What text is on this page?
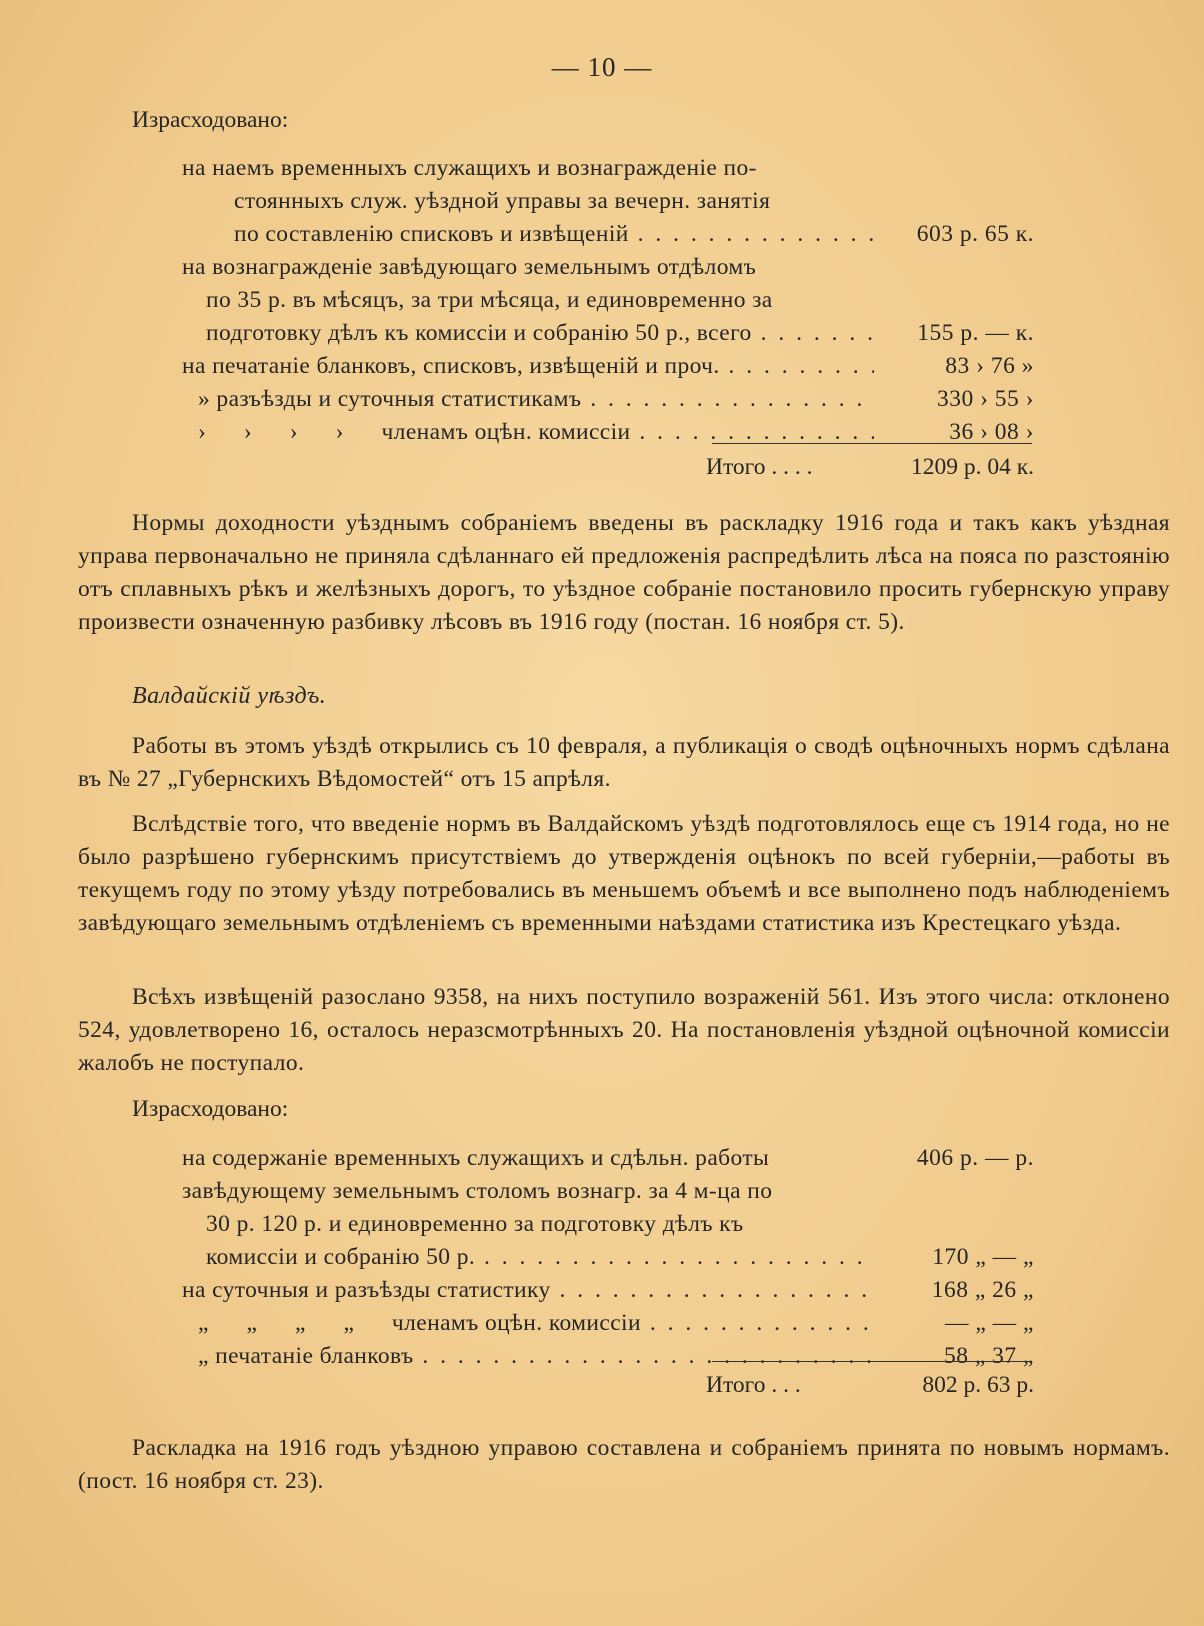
— 10 —
Израсходовано:
на наемъ временныхъ служащихъ и вознагражденіе по-
стоянныхъ служ. уѣздной управы за вечерн. занятія
по составленію списковъ и извѣщеній . . .	603 р. 65 к.
на вознагражденіе завѣдующаго земельнымъ отдѣломъ
по 35 р. въ мѣсяцъ, за три мѣсяца, и единовременно за
подготовку дѣлъ къ комиссіи и собранію 50 р., всего . . .	155 р. — к.
на печатаніе бланковъ, списковъ, извѣщеній и проч. . . .	83 › 76 »
» разъѣзды и суточныя статистикамъ . . .	330 › 55 ›
›      ›      ›      ›      членамъ оцѣн. комиссіи . . .	36 › 08 ›
Итого . . . .	1209 р. 04 к.
Нормы доходности уѣзднымъ собраніемъ введены въ раскладку 1916 года и такъ какъ уѣздная управа первоначально не приняла сдѣланнаго ей предложенія распредѣлить лѣса на пояса по разстоянію отъ сплавныхъ рѣкъ и желѣзныхъ дорогъ, то уѣздное собраніе постановило просить губернскую управу произвести означенную разбивку лѣсовъ въ 1916 году (постан. 16 ноября ст. 5).
Валдайскій уѣздъ.
Работы въ этомъ уѣздѣ открылись съ 10 февраля, а публикація о сводѣ оцѣночныхъ нормъ сдѣлана въ № 27 „Губернскихъ Вѣдомостей“ отъ 15 апрѣля.
Вслѣдствіе того, что введеніе нормъ въ Валдайскомъ уѣздѣ подготовлялось еще съ 1914 года, но не было разрѣшено губернскимъ присутствіемъ до утвержденія оцѣнокъ по всей губерніи,—работы въ текущемъ году по этому уѣзду потребовались въ меньшемъ объемѣ и все выполнено подъ наблюденіемъ завѣдующаго земельнымъ отдѣленіемъ съ временными наѣздами статистика изъ Крестецкаго уѣзда.
Всѣхъ извѣщеній разослано 9358, на нихъ поступило возраженій 561. Изъ этого числа: отклонено 524, удовлетворено 16, осталось неразсмотрѣнныхъ 20. На постановленія уѣздной оцѣночной комиссіи жалобъ не поступало.
Израсходовано:
на содержаніе временныхъ служащихъ и сдѣльн. работы	406 р. — р.
завѣдующему земельнымъ столомъ вознагр. за 4 м-ца по
30 р. 120 р. и единовременно за подготовку дѣлъ къ
комиссіи и собранію 50 р. . . .	170 „ — „
на суточныя и разъѣзды статистику . . .	168 „ 26 „
„      „      „      „      членамъ оцѣн. комиссіи . . .	— „ — „
„ печатаніе бланковъ . . .	58 „ 37 „
Итого . . .	802 р. 63 р.
Раскладка на 1916 годъ уѣздною управою составлена и собраніемъ принята по новымъ нормамъ. (пост. 16 ноября ст. 23).
